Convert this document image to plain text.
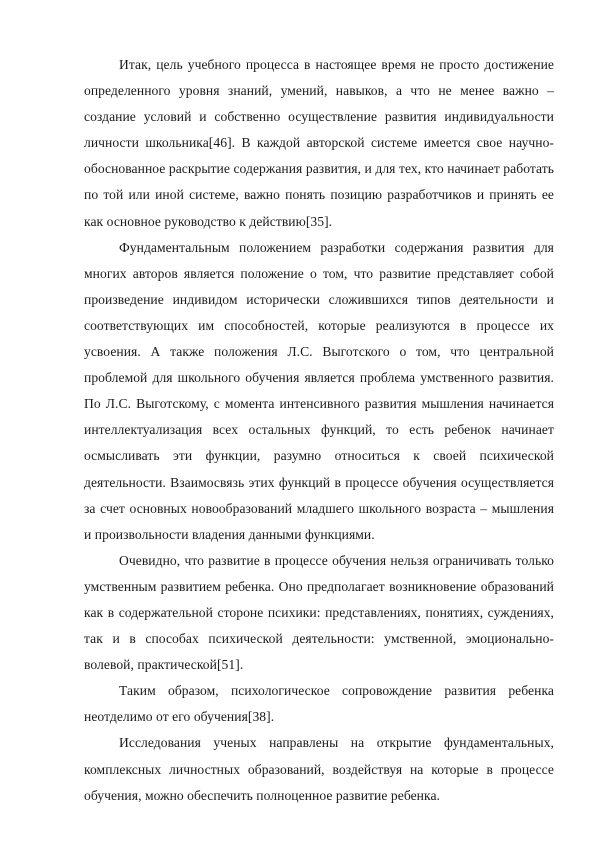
Итак, цель учебного процесса в настоящее время не просто достижение определенного уровня знаний, умений, навыков, а что не менее важно – создание условий и собственно осуществление развития индивидуальности личности школьника[46]. В каждой авторской системе имеется свое научно-обоснованное раскрытие содержания развития, и для тех, кто начинает работать по той или иной системе, важно понять позицию разработчиков и принять ее как основное руководство к действию[35].

Фундаментальным положением разработки содержания развития для многих авторов является положение о том, что развитие представляет собой произведение индивидом исторически сложившихся типов деятельности и соответствующих им способностей, которые реализуются в процессе их усвоения. А также положения Л.С. Выготского о том, что центральной проблемой для школьного обучения является проблема умственного развития. По Л.С. Выготскому, с момента интенсивного развития мышления начинается интеллектуализация всех остальных функций, то есть ребенок начинает осмысливать эти функции, разумно относиться к своей психической деятельности. Взаимосвязь этих функций в процессе обучения осуществляется за счет основных новообразований младшего школьного возраста – мышления и произвольности владения данными функциями.

Очевидно, что развитие в процессе обучения нельзя ограничивать только умственным развитием ребенка. Оно предполагает возникновение образований как в содержательной стороне психики: представлениях, понятиях, суждениях, так и в способах психической деятельности: умственной, эмоционально-волевой, практической[51].

Таким образом, психологическое сопровождение развития ребенка неотделимо от его обучения[38].

Исследования ученых направлены на открытие фундаментальных, комплексных личностных образований, воздействуя на которые в процессе обучения, можно обеспечить полноценное развитие ребенка.
